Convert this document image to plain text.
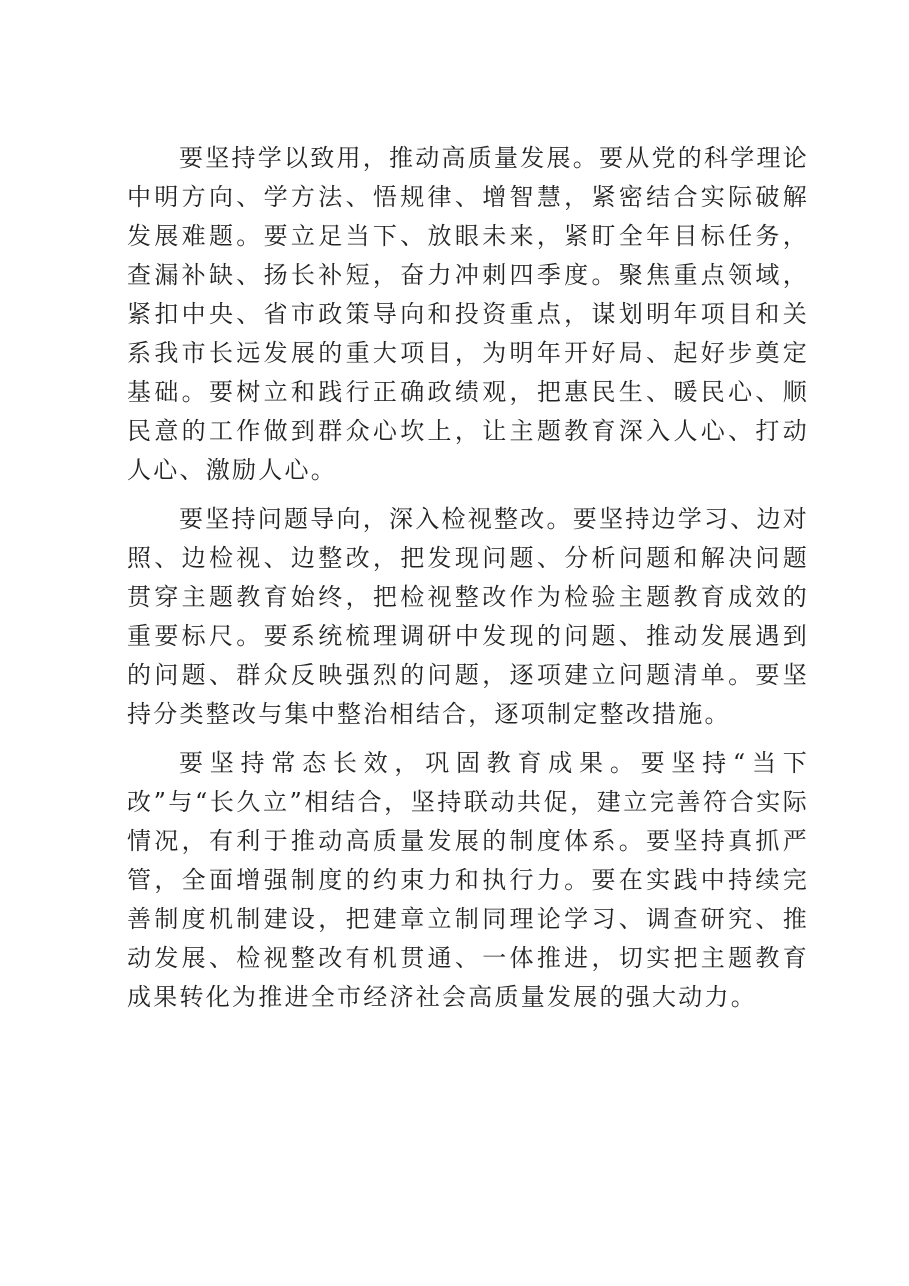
要坚持学以致用，推动高质量发展。要从党的科学理论中明方向、学方法、悟规律、增智慧，紧密结合实际破解发展难题。要立足当下、放眼未来，紧盯全年目标任务，查漏补缺、扬长补短，奋力冲刺四季度。聚焦重点领域，紧扣中央、省市政策导向和投资重点，谋划明年项目和关系我市长远发展的重大项目，为明年开好局、起好步奠定基础。要树立和践行正确政绩观，把惠民生、暖民心、顺民意的工作做到群众心坎上，让主题教育深入人心、打动人心、激励人心。

要坚持问题导向，深入检视整改。要坚持边学习、边对照、边检视、边整改，把发现问题、分析问题和解决问题贯穿主题教育始终，把检视整改作为检验主题教育成效的重要标尺。要系统梳理调研中发现的问题、推动发展遇到的问题、群众反映强烈的问题，逐项建立问题清单。要坚持分类整改与集中整治相结合，逐项制定整改措施。

要坚持常态长效，巩固教育成果。要坚持“当下改”与“长久立”相结合，坚持联动共促，建立完善符合实际情况，有利于推动高质量发展的制度体系。要坚持真抓严管，全面增强制度的约束力和执行力。要在实践中持续完善制度机制建设，把建章立制同理论学习、调查研究、推动发展、检视整改有机贯通、一体推进，切实把主题教育成果转化为推进全市经济社会高质量发展的强大动力。
